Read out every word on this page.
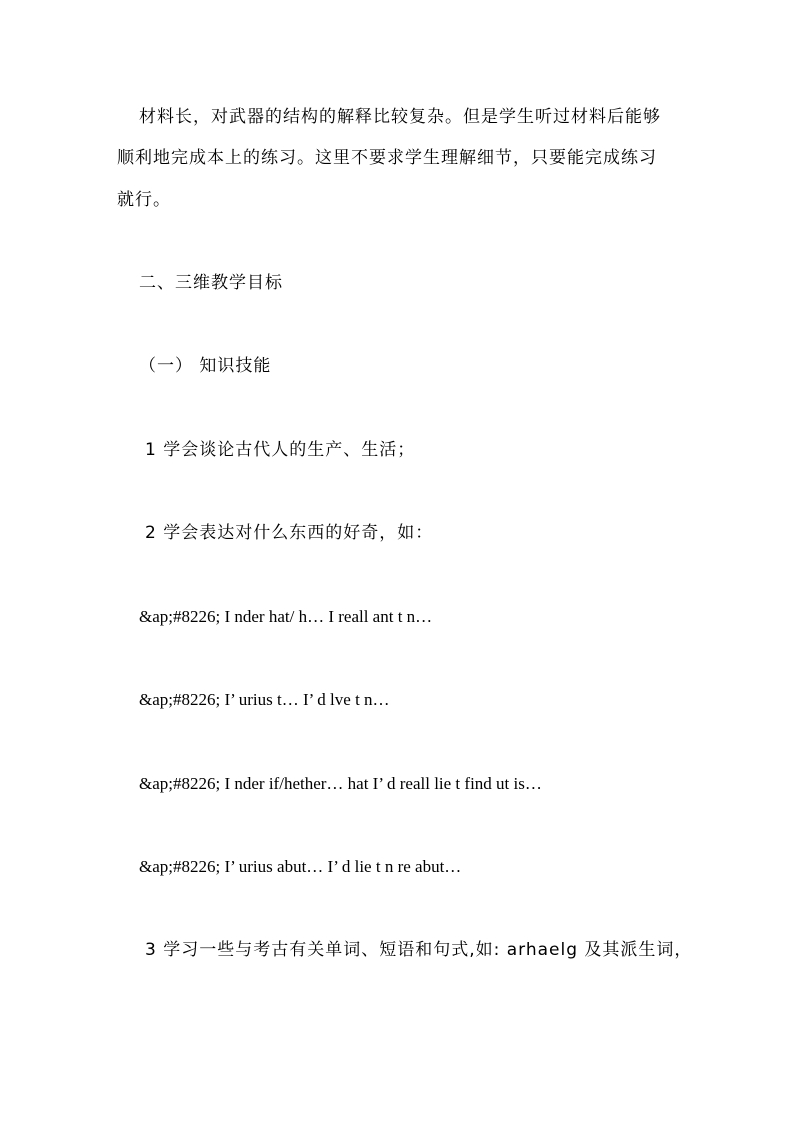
材料长，对武器的结构的解释比较复杂。但是学生听过材料后能够
顺利地完成本上的练习。这里不要求学生理解细节，只要能完成练习
就行。
二、三维教学目标
（一） 知识技能
1 学会谈论古代人的生产、生活；
2 学会表达对什么东西的好奇，如：
&ap;#8226; I nder hat/ h… I reall ant t n…
&ap;#8226; I’ urius t… I’ d lve t n…
&ap;#8226; I nder if/hether… hat I’ d reall lie t find ut is…
&ap;#8226; I’ urius abut… I’ d lie t n re abut…
3 学习一些与考古有关单词、短语和句式,如: arhaelg 及其派生词，
